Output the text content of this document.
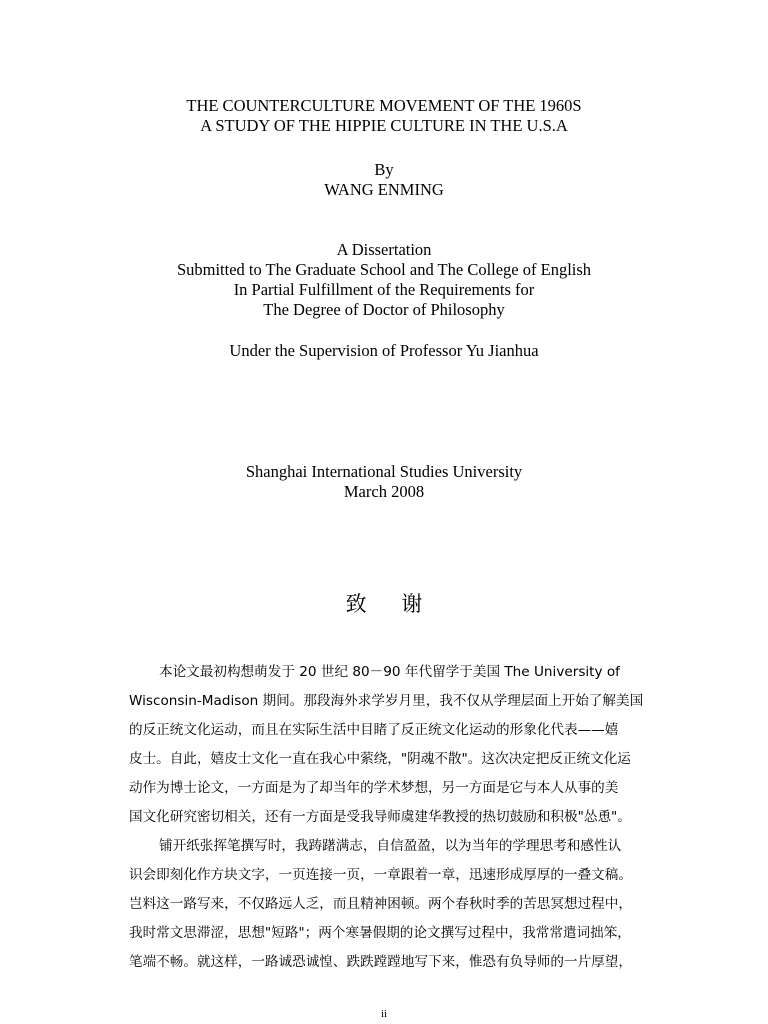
THE COUNTERCULTURE MOVEMENT OF THE 1960S
A STUDY OF THE HIPPIE CULTURE IN THE U.S.A
By
WANG ENMING
A Dissertation
Submitted to The Graduate School and The College of English
In Partial Fulfillment of the Requirements for
The Degree of Doctor of Philosophy
Under the Supervision of Professor Yu Jianhua
Shanghai International Studies University
March 2008
致 谢
本论文最初构想萌发于 20 世纪 80－90 年代留学于美国 The University of
Wisconsin-Madison 期间。那段海外求学岁月里，我不仅从学理层面上开始了解美国
的反正统文化运动，而且在实际生活中目睹了反正统文化运动的形象化代表——嬉
皮士。自此，嬉皮士文化一直在我心中萦绕，"阴魂不散"。这次决定把反正统文化运
动作为博士论文，一方面是为了却当年的学术梦想，另一方面是它与本人从事的美
国文化研究密切相关，还有一方面是受我导师虞建华教授的热切鼓励和积极"怂恿"。
铺开纸张挥笔撰写时，我踌躇满志，自信盈盈，以为当年的学理思考和感性认
识会即刻化作方块文字，一页连接一页，一章跟着一章，迅速形成厚厚的一叠文稿。
岂料这一路写来，不仅路远人乏，而且精神困顿。两个春秋时季的苦思冥想过程中，
我时常文思滞涩，思想"短路"；两个寒暑假期的论文撰写过程中，我常常遣词拙笨，
笔端不畅。就这样，一路诚恐诚惶、跌跌蹚蹚地写下来，惟恐有负导师的一片厚望，
ii
